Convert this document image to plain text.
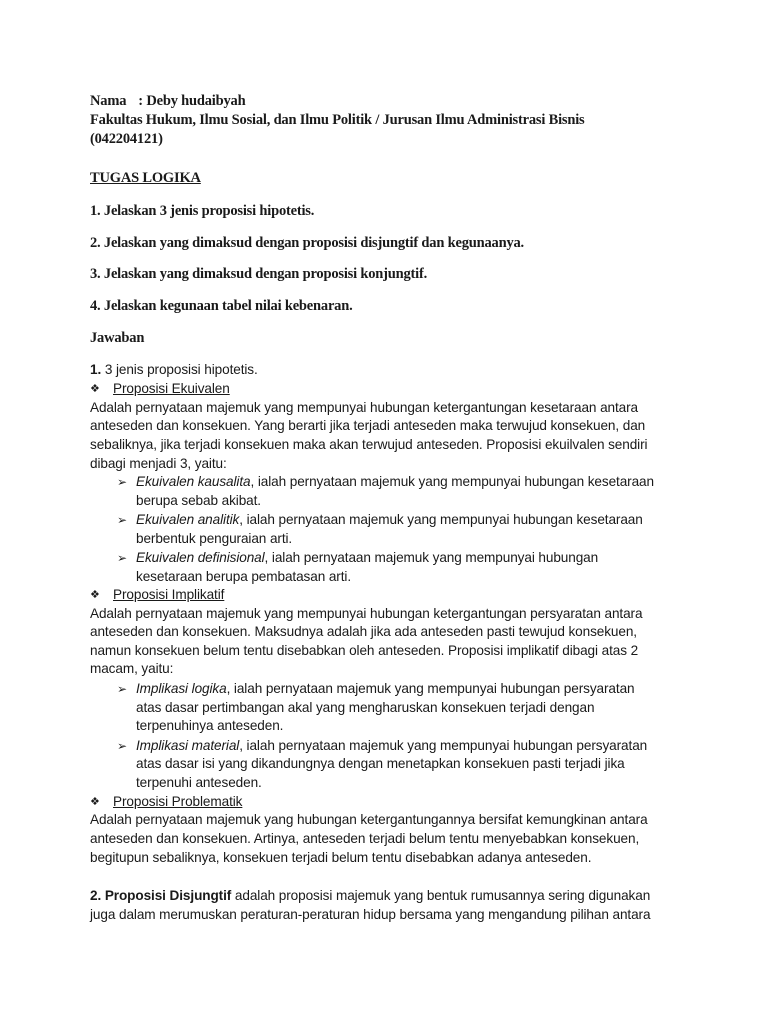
Nama : Deby hudaibyah
Fakultas Hukum, Ilmu Sosial, dan Ilmu Politik / Jurusan Ilmu Administrasi Bisnis
(042204121)
TUGAS LOGIKA
1. Jelaskan 3 jenis proposisi hipotetis.
2. Jelaskan yang dimaksud dengan proposisi disjungtif dan kegunaanya.
3. Jelaskan yang dimaksud dengan proposisi konjungtif.
4. Jelaskan kegunaan tabel nilai kebenaran.
Jawaban
1. 3 jenis proposisi hipotetis.
❖ Proposisi Ekuivalen
Adalah pernyataan majemuk yang mempunyai hubungan ketergantungan kesetaraan antara
anteseden dan konsekuen. Yang berarti jika terjadi anteseden maka terwujud konsekuen, dan
sebaliknya, jika terjadi konsekuen maka akan terwujud anteseden. Proposisi ekuilvalen sendiri
dibagi menjadi 3, yaitu:
➢ Ekuivalen kausalita, ialah pernyataan majemuk yang mempunyai hubungan kesetaraan
berupa sebab akibat.
➢ Ekuivalen analitik, ialah pernyataan majemuk yang mempunyai hubungan kesetaraan
berbentuk penguraian arti.
➢ Ekuivalen definisional, ialah pernyataan majemuk yang mempunyai hubungan
kesetaraan berupa pembatasan arti.
❖ Proposisi Implikatif
Adalah pernyataan majemuk yang mempunyai hubungan ketergantungan persyaratan antara
anteseden dan konsekuen. Maksudnya adalah jika ada anteseden pasti tewujud konsekuen,
namun konsekuen belum tentu disebabkan oleh anteseden. Proposisi implikatif dibagi atas 2
macam, yaitu:
➢ Implikasi logika, ialah pernyataan majemuk yang mempunyai hubungan persyaratan
atas dasar pertimbangan akal yang mengharuskan konsekuen terjadi dengan
terpenuhinya anteseden.
➢ Implikasi material, ialah pernyataan majemuk yang mempunyai hubungan persyaratan
atas dasar isi yang dikandungnya dengan menetapkan konsekuen pasti terjadi jika
terpenuhi anteseden.
❖ Proposisi Problematik
Adalah pernyataan majemuk yang hubungan ketergantungannya bersifat kemungkinan antara
anteseden dan konsekuen. Artinya, anteseden terjadi belum tentu menyebabkan konsekuen,
begitupun sebaliknya, konsekuen terjadi belum tentu disebabkan adanya anteseden.
2. Proposisi Disjungtif adalah proposisi majemuk yang bentuk rumusannya sering digunakan
juga dalam merumuskan peraturan-peraturan hidup bersama yang mengandung pilihan antara
